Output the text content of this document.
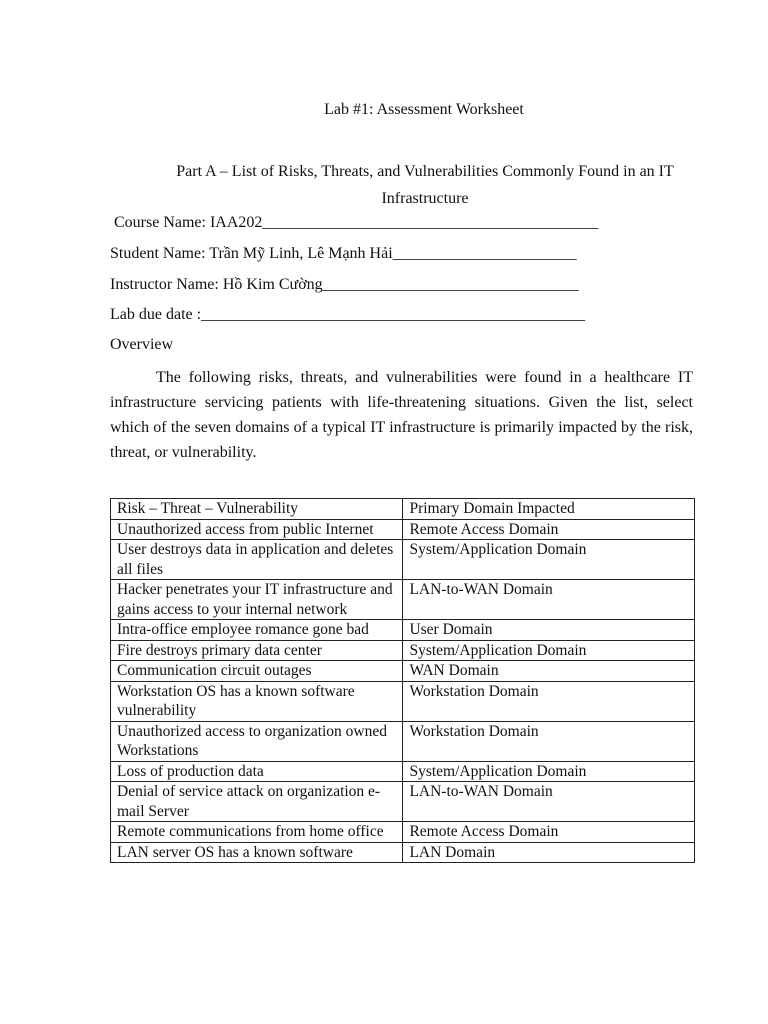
Lab #1: Assessment Worksheet

Part A – List of Risks, Threats, and Vulnerabilities Commonly Found in an IT Infrastructure

Course Name: IAA202__________________________________________

Student Name: Trần Mỹ Linh, Lê Mạnh Hải_______________________

Instructor Name: Hồ Kim Cường________________________________

Lab due date :________________________________________________

Overview

The following risks, threats, and vulnerabilities were found in a healthcare IT infrastructure servicing patients with life-threatening situations. Given the list, select which of the seven domains of a typical IT infrastructure is primarily impacted by the risk, threat, or vulnerability.

Risk – Threat – Vulnerability	Primary Domain Impacted
Unauthorized access from public Internet	Remote Access Domain
User destroys data in application and deletes all files	System/Application Domain
Hacker penetrates your IT infrastructure and gains access to your internal network	LAN-to-WAN Domain
Intra-office employee romance gone bad	User Domain
Fire destroys primary data center	System/Application Domain
Communication circuit outages	WAN Domain
Workstation OS has a known software vulnerability	Workstation Domain
Unauthorized access to organization owned Workstations	Workstation Domain
Loss of production data	System/Application Domain
Denial of service attack on organization e-mail Server	LAN-to-WAN Domain
Remote communications from home office	Remote Access Domain
LAN server OS has a known software	LAN Domain
